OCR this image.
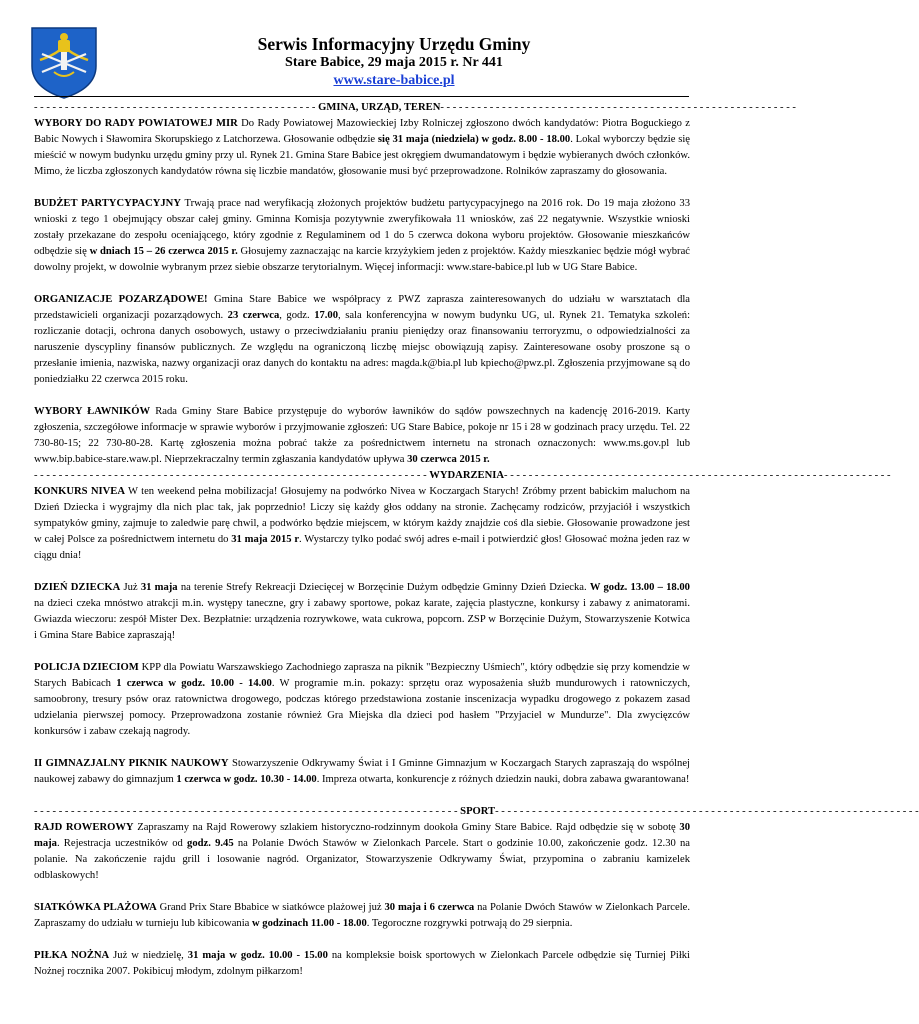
Serwis Informacyjny Urzędu Gminy
Stare Babice, 29 maja 2015 r. Nr 441
www.stare-babice.pl
- - - - - - - - - - - - - - - - - - - - - - - - - - - - - - - - - - - - - - - - - - - - - - GMINA, URZĄD, TEREN- - - - - - - - - - - - - - - - - - - - - - - - - - - - - - - - - - - - - - - - - - - - - - - - - - - - - - - - - -

WYBORY DO RADY POWIATOWEJ MIR Do Rady Powiatowej Mazowieckiej Izby Rolniczej zgłoszono dwóch kandydatów: Piotra Boguckiego z Babic Nowych i Sławomira Skorupskiego z Latchorzewa. Głosowanie odbędzie się 31 maja (niedziela) w godz. 8.00 - 18.00. Lokal wyborczy będzie się mieścić w nowym budynku urzędu gminy przy ul. Rynek 21. Gmina Stare Babice jest okręgiem dwumandatowym i będzie wybieranych dwóch członków. Mimo, że liczba zgłoszonych kandydatów równa się liczbie mandatów, głosowanie musi być przeprowadzone. Rolników zapraszamy do głosowania.

BUDŻET PARTYCYPACYJNY Trwają prace nad weryfikacją złożonych projektów budżetu partycypacyjnego na 2016 rok. Do 19 maja złożono 33 wnioski z tego 1 obejmujący obszar całej gminy. Gminna Komisja pozytywnie zweryfikowała 11 wniosków, zaś 22 negatywnie. Wszystkie wnioski zostały przekazane do zespołu oceniającego, który zgodnie z Regulaminem od 1 do 5 czerwca dokona wyboru projektów. Głosowanie mieszkańców odbędzie się w dniach 15 – 26 czerwca 2015 r. Głosujemy zaznaczając na karcie krzyżykiem jeden z projektów. Każdy mieszkaniec będzie mógł wybrać dowolny projekt, w dowolnie wybranym przez siebie obszarze terytorialnym. Więcej informacji: www.stare-babice.pl lub w UG Stare Babice.

ORGANIZACJE POZARZĄDOWE! Gmina Stare Babice we współpracy z PWZ zaprasza zainteresowanych do udziału w warsztatach dla przedstawicieli organizacji pozarządowych. 23 czerwca, godz. 17.00, sala konferencyjna w nowym budynku UG, ul. Rynek 21. Tematyka szkoleń: rozliczanie dotacji, ochrona danych osobowych, ustawy o przeciwdziałaniu praniu pieniędzy oraz finansowaniu terroryzmu, o odpowiedzialności za naruszenie dyscypliny finansów publicznych. Ze względu na ograniczoną liczbę miejsc obowiązują zapisy. Zainteresowane osoby proszone są o przesłanie imienia, nazwiska, nazwy organizacji oraz danych do kontaktu na adres: magda.k@bia.pl lub kpiecho@pwz.pl. Zgłoszenia przyjmowane są do poniedziałku 22 czerwca 2015 roku.

WYBORY ŁAWNIKÓW Rada Gminy Stare Babice przystępuje do wyborów ławników do sądów powszechnych na kadencję 2016-2019. Karty zgłoszenia, szczegółowe informacje w sprawie wyborów i przyjmowanie zgłoszeń: UG Stare Babice, pokoje nr 15 i 28 w godzinach pracy urzędu. Tel. 22 730-80-15; 22 730-80-28. Kartę zgłoszenia można pobrać także za pośrednictwem internetu na stronach oznaczonych: www.ms.gov.pl lub www.bip.babice-stare.waw.pl. Nieprzekraczalny termin zgłaszania kandydatów upływa 30 czerwca 2015 r.

- - - - - - - - - - - - - - - - - - - - - - - - - - - - - - - - - - - - - - - - - - - - - - - - - - - - - - - - - - - - - - - - WYDARZENIA- - - - - - - - - - - - - - - - - - - - - - - - - - - - - - - - - - - - - - - - - - - - - - - - - - - - - - - - - - - - - - -

KONKURS NIVEA W ten weekend pełna mobilizacja! Głosujemy na podwórko Nivea w Koczargach Starych! Zróbmy przent babickim maluchom na Dzień Dziecka i wygrajmy dla nich plac tak, jak poprzednio! Liczy się każdy głos oddany na stronie. Zachęcamy rodziców, przyjaciół i wszystkich sympatyków gminy, zajmuje to zaledwie parę chwil, a podwórko będzie miejscem, w którym każdy znajdzie coś dla siebie. Głosowanie prowadzone jest w całej Polsce za pośrednictwem internetu do 31 maja 2015 r. Wystarczy tylko podać swój adres e-mail i potwierdzić głos! Głosować można jeden raz w ciągu dnia!

DZIEŃ DZIECKA Już 31 maja na terenie Strefy Rekreacji Dziecięcej w Borzęcinie Dużym odbędzie Gminny Dzień Dziecka. W godz. 13.00 – 18.00 na dzieci czeka mnóstwo atrakcji m.in. występy taneczne, gry i zabawy sportowe, pokaz karate, zajęcia plastyczne, konkursy i zabawy z animatorami. Gwiazda wieczoru: zespół Mister Dex. Bezpłatnie: urządzenia rozrywkowe, wata cukrowa, popcorn. ZSP w Borzęcinie Dużym, Stowarzyszenie Kotwica i Gmina Stare Babice zapraszają!

POLICJA DZIECIOM KPP dla Powiatu Warszawskiego Zachodniego zaprasza na piknik "Bezpieczny Uśmiech", który odbędzie się przy komendzie w Starych Babicach 1 czerwca w godz. 10.00 - 14.00. W programie m.in. pokazy: sprzętu oraz wyposażenia służb mundurowych i ratowniczych, samoobrony, tresury psów oraz ratownictwa drogowego, podczas którego przedstawiona zostanie inscenizacja wypadku drogowego z pokazem zasad udzielania pierwszej pomocy. Przeprowadzona zostanie również Gra Miejska dla dzieci pod hasłem "Przyjaciel w Mundurze". Dla zwycięzców konkursów i zabaw czekają nagrody.

II GIMNAZJALNY PIKNIK NAUKOWY Stowarzyszenie Odkrywamy Świat i I Gminne Gimnazjum w Koczargach Starych zapraszają do wspólnej naukowej zabawy do gimnazjum 1 czerwca w godz. 10.30 - 14.00. Impreza otwarta, konkurencje z różnych dziedzin nauki, dobra zabawa gwarantowana!

- - - - - - - - - - - - - - - - - - - - - - - - - - - - - - - - - - - - - - - - - - - - - - - - - - - - - - - - - - - - - - - - - - - - - SPORT- - - - - - - - - - - - - - - - - - - - - - - - - - - - - - - - - - - - - - - - - - - - - - - - - - - - - - - - - - - - - - - - - - - - -

RAJD ROWEROWY Zapraszamy na Rajd Rowerowy szlakiem historyczno-rodzinnym dookoła Gminy Stare Babice. Rajd odbędzie się w sobotę 30 maja. Rejestracja uczestników od godz. 9.45 na Polanie Dwóch Stawów w Zielonkach Parcele. Start o godzinie 10.00, zakończenie godz. 12.30 na polanie. Na zakończenie rajdu grill i losowanie nagród. Organizator, Stowarzyszenie Odkrywamy Świat, przypomina o zabraniu kamizelek odblaskowych!

SIATKÓWKA PLAŻOWA Grand Prix Stare Bbabice w siatkówce plażowej już 30 maja i 6 czerwca na Polanie Dwóch Stawów w Zielonkach Parcele. Zapraszamy do udziału w turnieju lub kibicowania w godzinach 11.00 - 18.00. Tegoroczne rozgrywki potrwają do 29 sierpnia.

PIŁKA NOŻNA Już w niedzielę, 31 maja w godz. 10.00 - 15.00 na kompleksie boisk sportowych w Zielonkach Parcele odbędzie się Turniej Piłki Nożnej rocznika 2007. Pokibicuj młodym, zdolnym piłkarzom!
